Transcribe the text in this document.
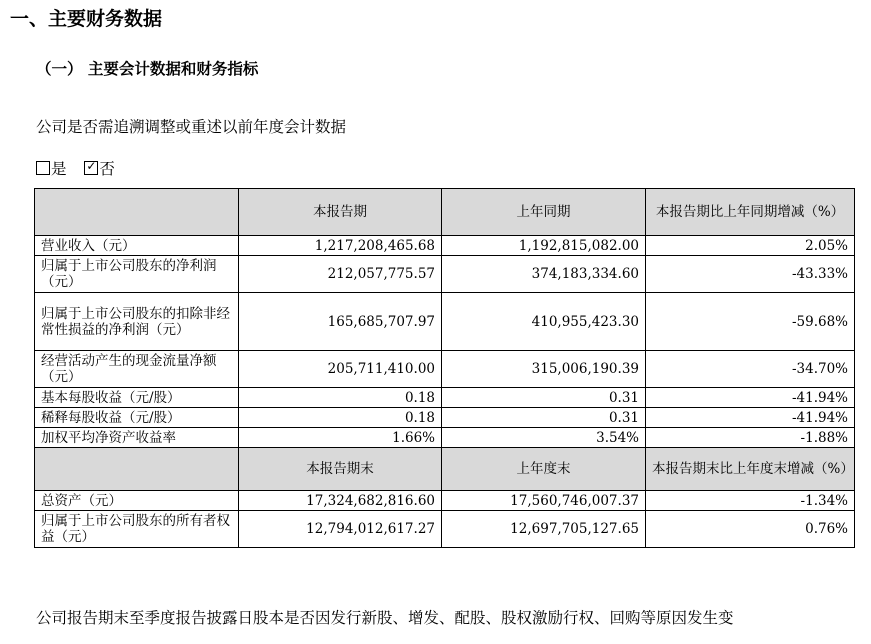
一、主要财务数据
（一） 主要会计数据和财务指标
公司是否需追溯调整或重述以前年度会计数据
是 ✓ 否
	本报告期	上年同期	本报告期比上年同期增减（%）
营业收入（元）	1,217,208,465.68	1,192,815,082.00	2.05%
归属于上市公司股东的净利润（元）	212,057,775.57	374,183,334.60	-43.33%
归属于上市公司股东的扣除非经常性损益的净利润（元）	165,685,707.97	410,955,423.30	-59.68%
经营活动产生的现金流量净额（元）	205,711,410.00	315,006,190.39	-34.70%
基本每股收益（元/股）	0.18	0.31	-41.94%
稀释每股收益（元/股）	0.18	0.31	-41.94%
加权平均净资产收益率	1.66%	3.54%	-1.88%
	本报告期末	上年度末	本报告期末比上年度末增减（%）
总资产（元）	17,324,682,816.60	17,560,746,007.37	-1.34%
归属于上市公司股东的所有者权益（元）	12,794,012,617.27	12,697,705,127.65	0.76%
公司报告期末至季度报告披露日股本是否因发行新股、增发、配股、股权激励行权、回购等原因发生变
